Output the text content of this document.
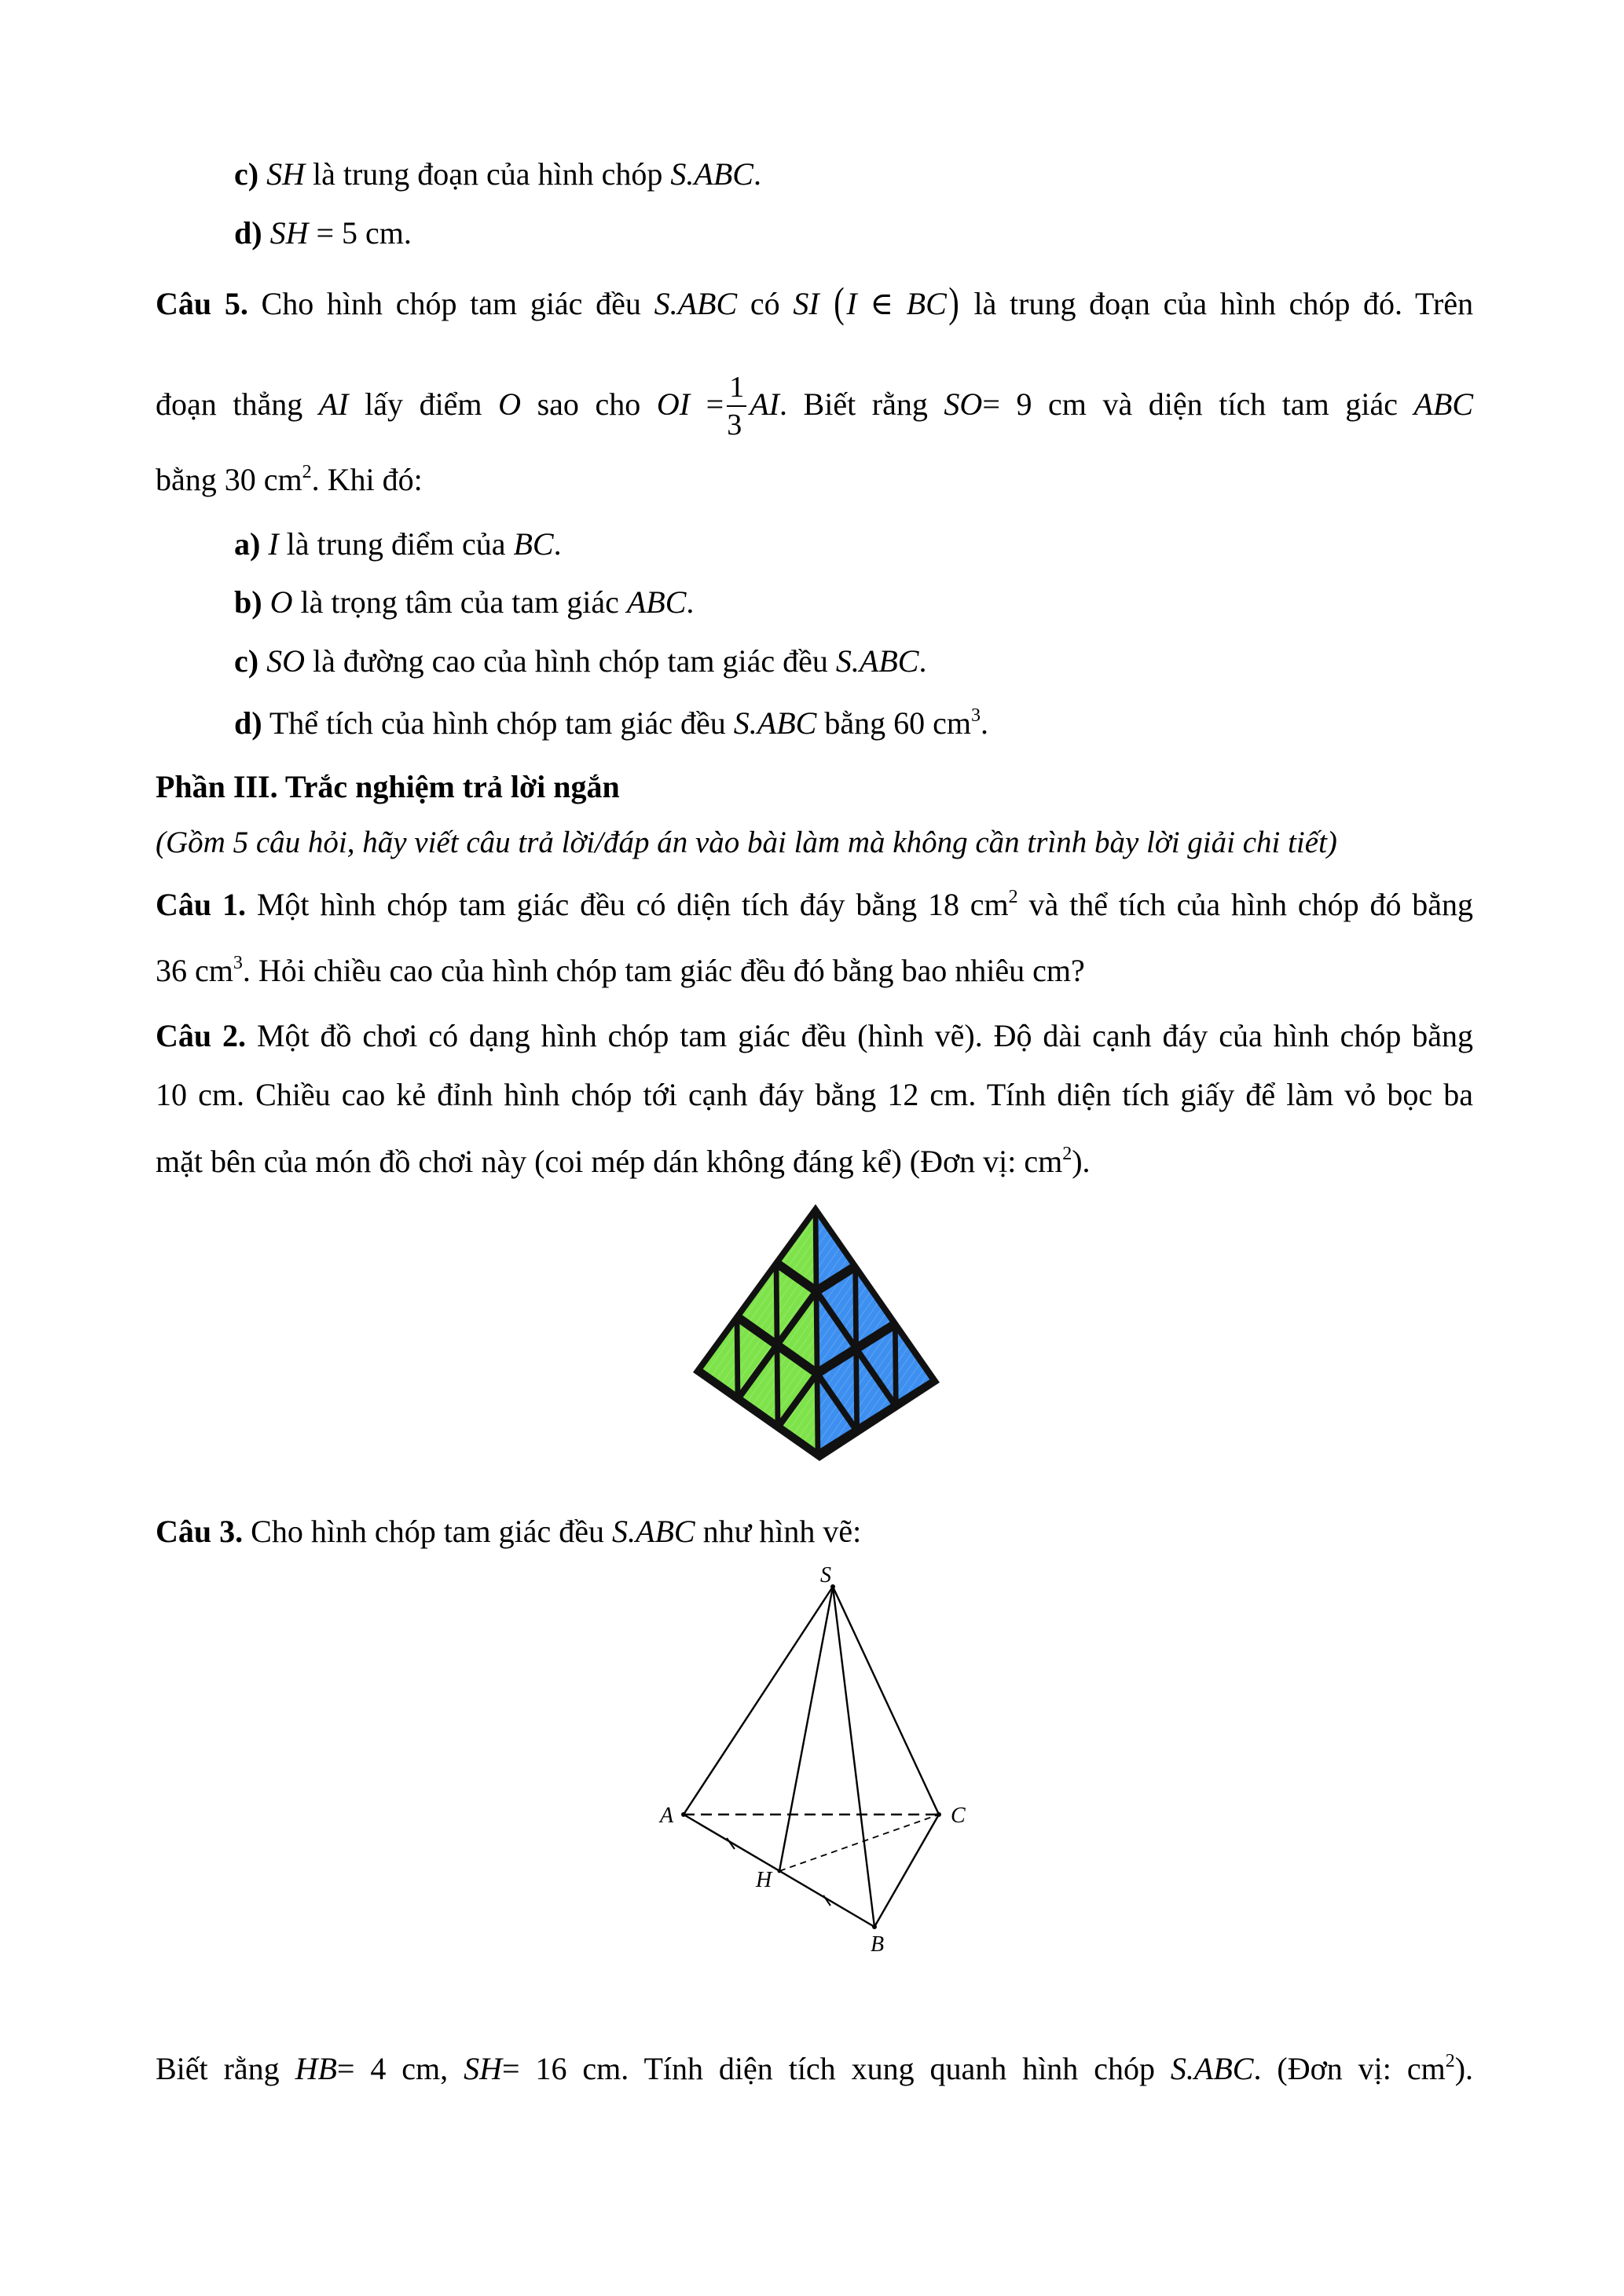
c) SH là trung đoạn của hình chóp S.ABC.
d) SH = 5 cm.
Câu 5. Cho hình chóp tam giác đều S.ABC có SI (I ∈ BC) là trung đoạn của hình chóp đó. Trên
đoạn thẳng AI lấy điểm O sao cho OI = $\frac{1}{3}$ AI. Biết rằng SO= 9 cm và diện tích tam giác ABC
bằng 30 $cm^2$. Khi đó:
a) I là trung điểm của BC.
b) O là trọng tâm của tam giác ABC.
c) SO là đường cao của hình chóp tam giác đều S.ABC.
d) Thể tích của hình chóp tam giác đều S.ABC bằng 60 $cm^3$.
Phần III. Trắc nghiệm trả lời ngắn
(Gồm 5 câu hỏi, hãy viết câu trả lời/đáp án vào bài làm mà không cần trình bày lời giải chi tiết)
Câu 1. Một hình chóp tam giác đều có diện tích đáy bằng 18 $cm^2$ và thể tích của hình chóp đó bằng
36 $cm^3$. Hỏi chiều cao của hình chóp tam giác đều đó bằng bao nhiêu cm?
Câu 2. Một đồ chơi có dạng hình chóp tam giác đều (hình vẽ). Độ dài cạnh đáy của hình chóp bằng
10 cm. Chiều cao kẻ đỉnh hình chóp tới cạnh đáy bằng 12 cm. Tính diện tích giấy để làm vỏ bọc ba
mặt bên của món đồ chơi này (coi mép dán không đáng kể) (Đơn vị: $cm^2$).
Câu 3. Cho hình chóp tam giác đều S.ABC như hình vẽ:
S
A	C
H
B
Biết rằng HB= 4 cm, SH= 16 cm. Tính diện tích xung quanh hình chóp S.ABC. (Đơn vị: $cm^2$).
